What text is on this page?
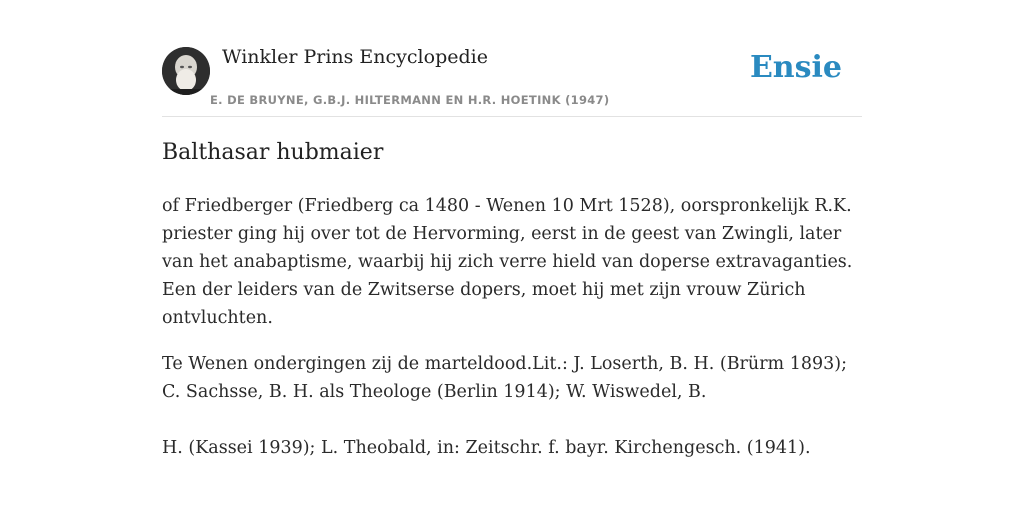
Winkler Prins Encyclopedie
E. DE BRUYNE, G.B.J. HILTERMANN EN H.R. HOETINK (1947)
Ensie
Balthasar hubmaier

of Friedberger (Friedberg ca 1480 - Wenen 10 Mrt 1528), oorspronkelijk R.K. priester ging hij over tot de Hervorming, eerst in de geest van Zwingli, later van het anabaptisme, waarbij hij zich verre hield van doperse extravaganties. Een der leiders van de Zwitserse dopers, moet hij met zijn vrouw Zürich ontvluchten.

Te Wenen ondergingen zij de marteldood.Lit.: J. Loserth, B. H. (Brürm 1893); C. Sachsse, B. H. als Theologe (Berlin 1914); W. Wiswedel, B.

H. (Kassei 1939); L. Theobald, in: Zeitschr. f. bayr. Kirchengesch. (1941).
